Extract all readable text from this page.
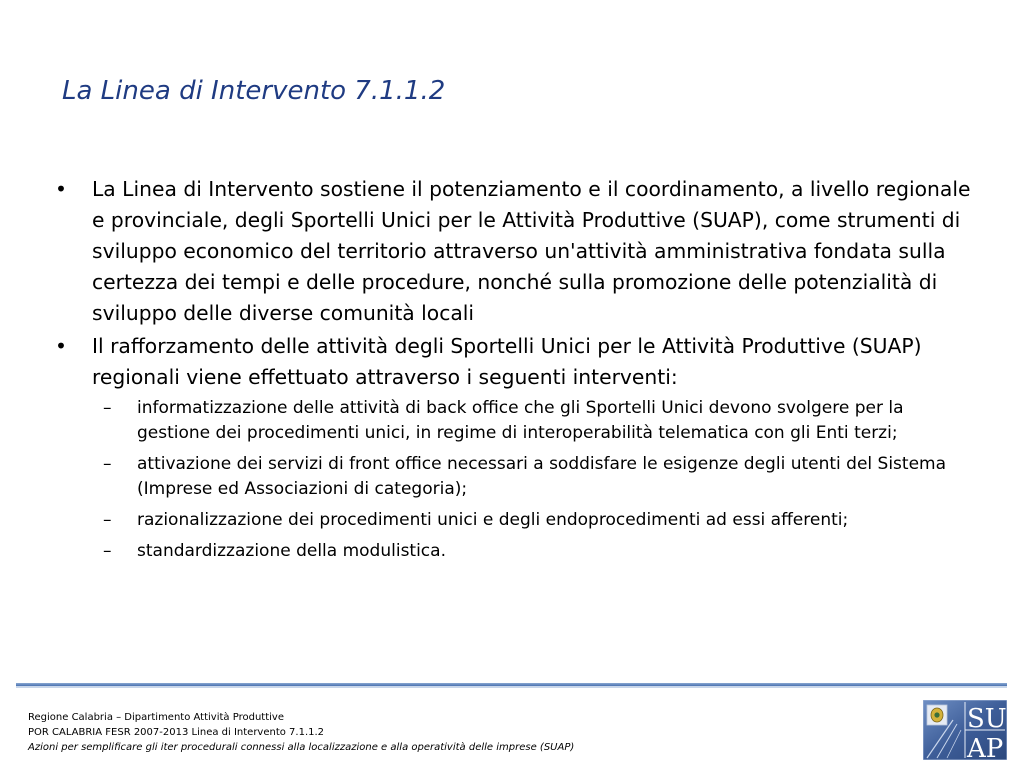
La Linea di Intervento 7.1.1.2
• La Linea di Intervento sostiene il potenziamento e il coordinamento, a livello regionale e provinciale, degli Sportelli Unici per le Attività Produttive (SUAP), come strumenti di sviluppo economico del territorio attraverso un'attività amministrativa fondata sulla certezza dei tempi e delle procedure, nonché sulla promozione delle potenzialità di sviluppo delle diverse comunità locali
• Il rafforzamento delle attività degli Sportelli Unici per le Attività Produttive (SUAP) regionali viene effettuato attraverso i seguenti interventi:
– informatizzazione delle attività di back office che gli Sportelli Unici devono svolgere per la gestione dei procedimenti unici, in regime di interoperabilità telematica con gli Enti terzi;
– attivazione dei servizi di front office necessari a soddisfare le esigenze degli utenti del Sistema (Imprese ed Associazioni di categoria);
– razionalizzazione dei procedimenti unici e degli endoprocedimenti ad essi afferenti;
– standardizzazione della modulistica.
Regione Calabria – Dipartimento Attività Produttive
POR CALABRIA FESR 2007-2013 Linea di Intervento 7.1.1.2
Azioni per semplificare gli iter procedurali connessi alla localizzazione e alla operatività delle imprese (SUAP)
SU
AP
